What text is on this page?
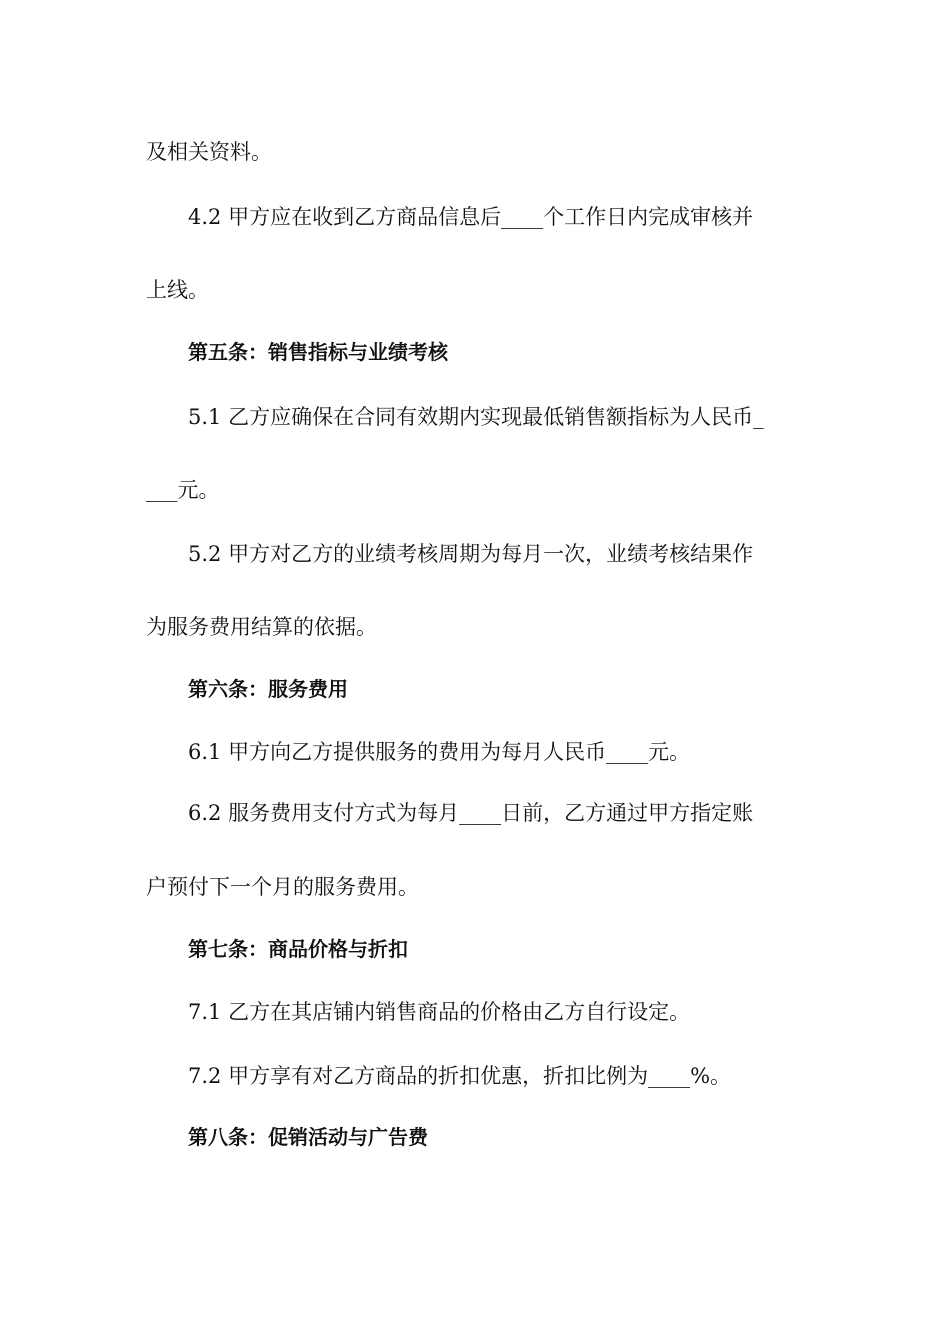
及相关资料。
4.2 甲方应在收到乙方商品信息后____个工作日内完成审核并
上线。
第五条：销售指标与业绩考核
5.1 乙方应确保在合同有效期内实现最低销售额指标为人民币_
___元。
5.2 甲方对乙方的业绩考核周期为每月一次，业绩考核结果作
为服务费用结算的依据。
第六条：服务费用
6.1 甲方向乙方提供服务的费用为每月人民币____元。
6.2 服务费用支付方式为每月____日前，乙方通过甲方指定账
户预付下一个月的服务费用。
第七条：商品价格与折扣
7.1 乙方在其店铺内销售商品的价格由乙方自行设定。
7.2 甲方享有对乙方商品的折扣优惠，折扣比例为____%。
第八条：促销活动与广告费
